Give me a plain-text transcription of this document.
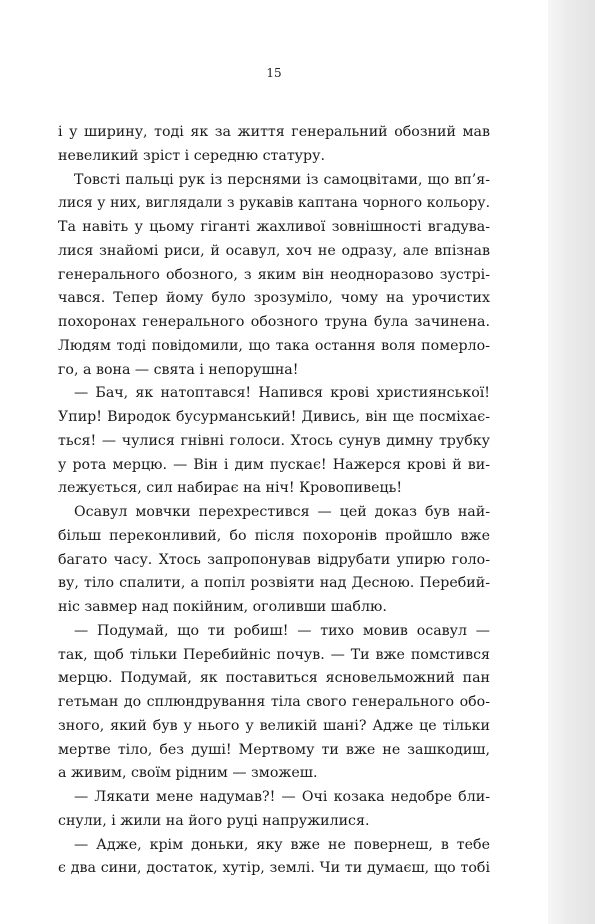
15
і у ширину, тоді як за життя генеральний обозний мав
невеликий зріст і середню статуру.
Товсті пальці рук із перснями із самоцвітами, що вп’я-
лися у них, виглядали з рукавів каптана чорного кольору.
Та навіть у цьому гіганті жахливої зовнішності вгадува-
лися знайомі риси, й осавул, хоч не одразу, але впізнав
генерального обозного, з яким він неодноразово зустрі-
чався. Тепер йому було зрозуміло, чому на урочистих
похоронах генерального обозного труна була зачинена.
Людям тоді повідомили, що така остання воля померло-
го, а вона — свята і непорушна!
— Бач, як натоптався! Напився крові християнської!
Упир! Виродок бусурманський! Дивись, він ще посміхає-
ться! — чулися гнівні голоси. Хтось сунув димну трубку
у рота мерцю. — Він і дим пускає! Нажерся крові й ви-
лежується, сил набирає на ніч! Кровопивець!
Осавул мовчки перехрестився — цей доказ був най-
більш переконливий, бо після похоронів пройшло вже
багато часу. Хтось запропонував відрубати упирю голо-
ву, тіло спалити, а попіл розвіяти над Десною. Перебий-
ніс завмер над покійним, оголивши шаблю.
— Подумай, що ти робиш! — тихо мовив осавул —
так, щоб тільки Перебийніс почув. — Ти вже помстився
мерцю. Подумай, як поставиться ясновельможний пан
гетьман до сплюндрування тіла свого генерального обо-
зного, який був у нього у великій шані? Адже це тільки
мертве тіло, без душі! Мертвому ти вже не зашкодиш,
а живим, своїм рідним — зможеш.
— Лякати мене надумав?! — Очі козака недобре бли-
снули, і жили на його руці напружилися.
— Адже, крім доньки, яку вже не повернеш, в тебе
є два сини, достаток, хутір, землі. Чи ти думаєш, що тобі
